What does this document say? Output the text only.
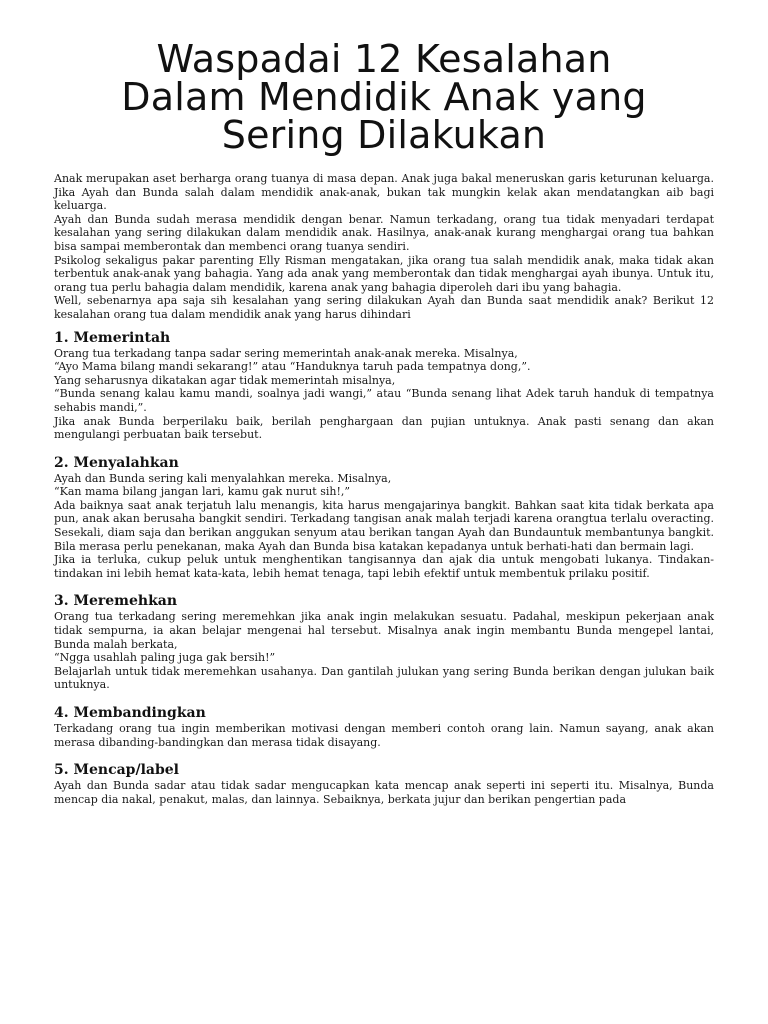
Waspadai 12 Kesalahan
Dalam Mendidik Anak yang
Sering Dilakukan

Anak merupakan aset berharga orang tuanya di masa depan. Anak juga bakal meneruskan garis keturunan keluarga. Jika Ayah dan Bunda salah dalam mendidik anak-anak, bukan tak mungkin kelak akan mendatangkan aib bagi keluarga.

Ayah dan Bunda sudah merasa mendidik dengan benar. Namun terkadang, orang tua tidak menyadari terdapat kesalahan yang sering dilakukan dalam mendidik anak. Hasilnya, anak-anak kurang menghargai orang tua bahkan bisa sampai memberontak dan membenci orang tuanya sendiri.

Psikolog sekaligus pakar parenting Elly Risman mengatakan, jika orang tua salah mendidik anak, maka tidak akan terbentuk anak-anak yang bahagia. Yang ada anak yang memberontak dan tidak menghargai ayah ibunya. Untuk itu, orang tua perlu bahagia dalam mendidik, karena anak yang bahagia diperoleh dari ibu yang bahagia.

Well, sebenarnya apa saja sih kesalahan yang sering dilakukan Ayah dan Bunda saat mendidik anak? Berikut 12 kesalahan orang tua dalam mendidik anak yang harus dihindari

1. Memerintah

Orang tua terkadang tanpa sadar sering memerintah anak-anak mereka. Misalnya,

“Ayo Mama bilang mandi sekarang!” atau “Handuknya taruh pada tempatnya dong,”.

Yang seharusnya dikatakan agar tidak memerintah misalnya,

“Bunda senang kalau kamu mandi, soalnya jadi wangi,” atau “Bunda senang lihat Adek taruh handuk di tempatnya sehabis mandi,”.

Jika anak Bunda berperilaku baik, berilah penghargaan dan pujian untuknya. Anak pasti senang dan akan mengulangi perbuatan baik tersebut.

2. Menyalahkan

Ayah dan Bunda sering kali menyalahkan mereka. Misalnya,

“Kan mama bilang jangan lari, kamu gak nurut sih!,”

Ada baiknya saat anak terjatuh lalu menangis, kita harus mengajarinya bangkit. Bahkan saat kita tidak berkata apa pun, anak akan berusaha bangkit sendiri. Terkadang tangisan anak malah terjadi karena orangtua terlalu overacting. Sesekali, diam saja dan berikan anggukan senyum atau berikan tangan Ayah dan Bundauntuk membantunya bangkit. Bila merasa perlu penekanan, maka Ayah dan Bunda bisa katakan kepadanya untuk berhati-hati dan bermain lagi.

Jika ia terluka, cukup peluk untuk menghentikan tangisannya dan ajak dia untuk mengobati lukanya. Tindakan-tindakan ini lebih hemat kata-kata, lebih hemat tenaga, tapi lebih efektif untuk membentuk prilaku positif.

3. Meremehkan

Orang tua terkadang sering meremehkan jika anak ingin melakukan sesuatu. Padahal, meskipun pekerjaan anak tidak sempurna, ia akan belajar mengenai hal tersebut. Misalnya anak ingin membantu Bunda mengepel lantai, Bunda malah berkata,

“Ngga usahlah paling juga gak bersih!”

Belajarlah untuk tidak meremehkan usahanya. Dan gantilah julukan yang sering Bunda berikan dengan julukan baik untuknya.

4. Membandingkan

Terkadang orang tua ingin memberikan motivasi dengan memberi contoh orang lain. Namun sayang, anak akan merasa dibanding-bandingkan dan merasa tidak disayang.

5. Mencap/label

Ayah dan Bunda sadar atau tidak sadar mengucapkan kata mencap anak seperti ini seperti itu. Misalnya, Bunda mencap dia nakal, penakut, malas, dan lainnya. Sebaiknya, berkata jujur dan berikan pengertian pada
